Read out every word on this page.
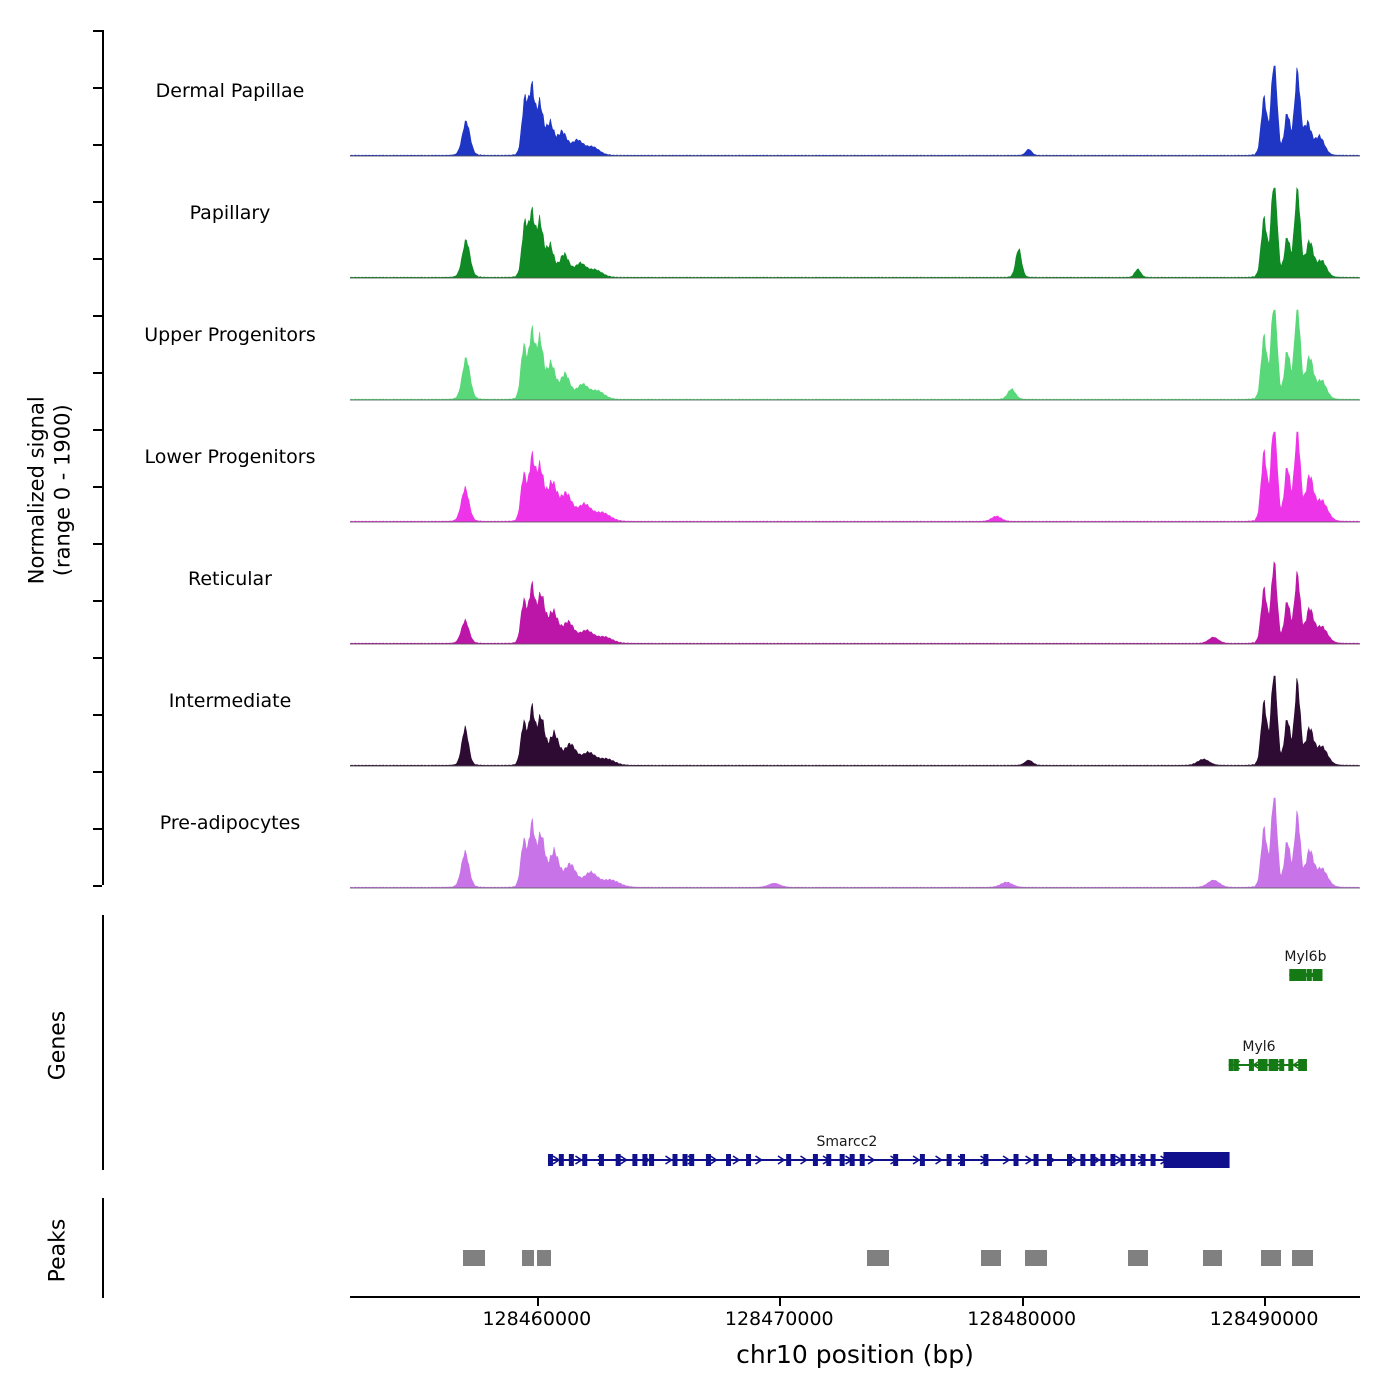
Normalized signal (range 0 - 1900)
Dermal Papillae
Papillary
Upper Progenitors
Lower Progenitors
Reticular
Intermediate
Pre-adipocytes
Genes
Myl6b
Myl6
Smarcc2
Peaks
128460000	128470000	128480000	128490000
chr10 position (bp)
